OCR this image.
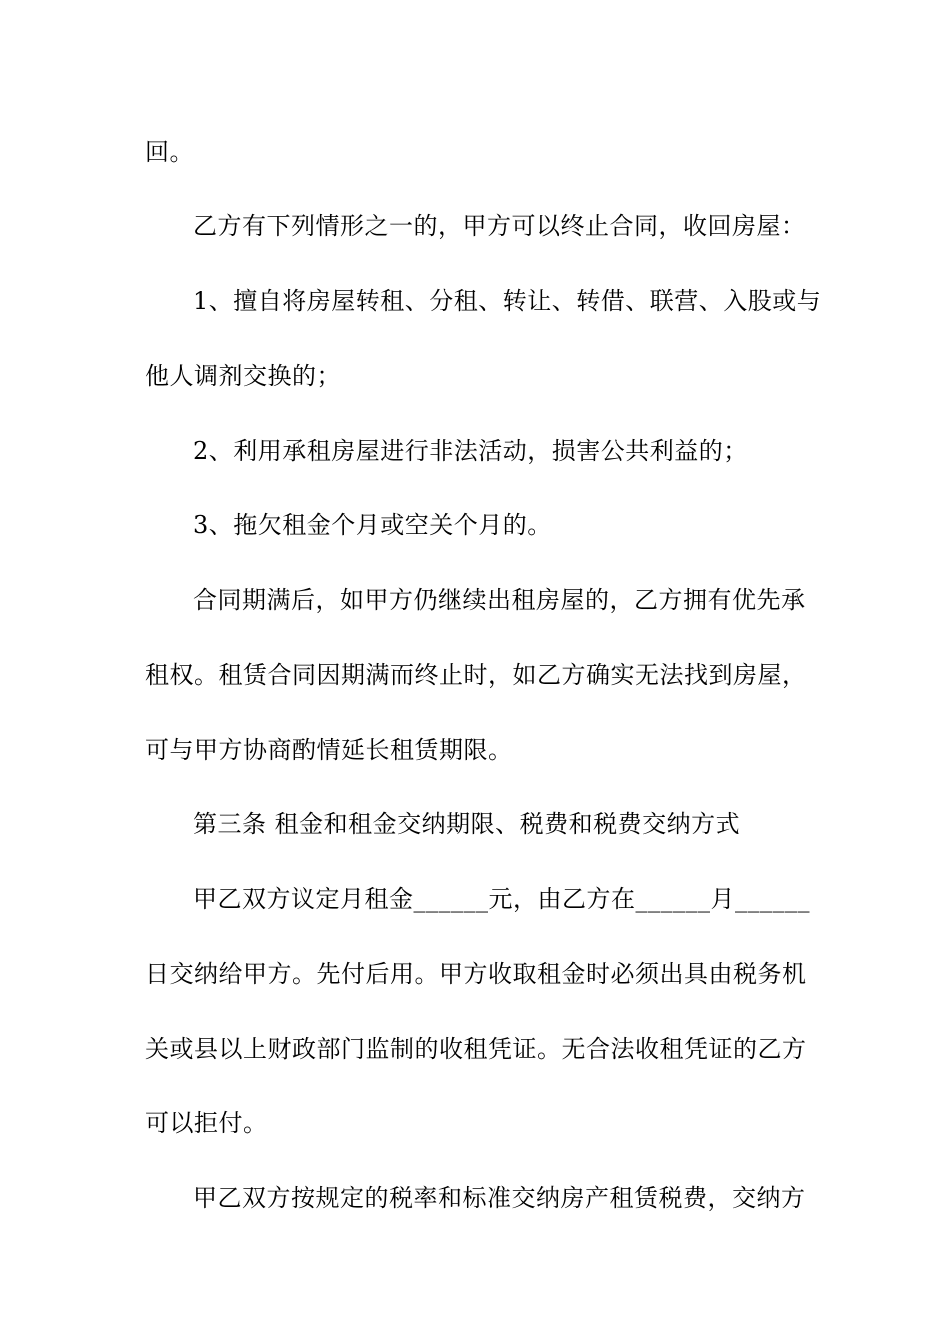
回。
乙方有下列情形之一的，甲方可以终止合同，收回房屋：
1、擅自将房屋转租、分租、转让、转借、联营、入股或与
他人调剂交换的；
2、利用承租房屋进行非法活动，损害公共利益的；
3、拖欠租金个月或空关个月的。
合同期满后，如甲方仍继续出租房屋的，乙方拥有优先承
租权。租赁合同因期满而终止时，如乙方确实无法找到房屋，
可与甲方协商酌情延长租赁期限。
第三条 租金和租金交纳期限、税费和税费交纳方式
甲乙双方议定月租金______元，由乙方在______月______
日交纳给甲方。先付后用。甲方收取租金时必须出具由税务机
关或县以上财政部门监制的收租凭证。无合法收租凭证的乙方
可以拒付。
甲乙双方按规定的税率和标准交纳房产租赁税费，交纳方
